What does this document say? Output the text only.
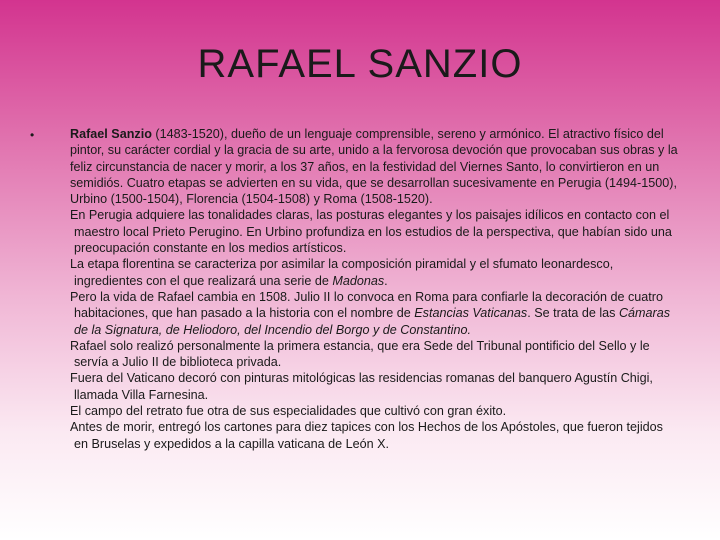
RAFAEL SANZIO
•	Rafael Sanzio (1483-1520), dueño de un lenguaje comprensible, sereno y armónico. El atractivo físico del pintor, su carácter cordial y la gracia de su arte, unido a la fervorosa devoción que provocaban sus obras y la feliz circunstancia de nacer y morir, a los 37 años, en la festividad del Viernes Santo, lo convirtieron en un semidiós. Cuatro etapas se advierten en su vida, que se desarrollan sucesivamente en Perugia (1494-1500), Urbino (1500-1504), Florencia (1504-1508) y Roma (1508-1520).
En Perugia adquiere las tonalidades claras, las posturas elegantes y los paisajes idílicos en contacto con el maestro local Prieto Perugino. En Urbino profundiza en los estudios de la perspectiva, que habían sido una preocupación constante en los medios artísticos.
La etapa florentina se caracteriza por asimilar la composición piramidal y el sfumato leonardesco, ingredientes con el que realizará una serie de Madonas.
Pero la vida de Rafael cambia en 1508. Julio II lo convoca en Roma para confiarle la decoración de cuatro habitaciones, que han pasado a la historia con el nombre de Estancias Vaticanas. Se trata de las Cámaras de la Signatura, de Heliodoro, del Incendio del Borgo y de Constantino.
Rafael solo realizó personalmente la primera estancia, que era Sede del Tribunal pontificio del Sello y le servía a Julio II de biblioteca privada.
Fuera del Vaticano decoró con pinturas mitológicas las residencias romanas del banquero Agustín Chigi, llamada Villa Farnesina.
El campo del retrato fue otra de sus especialidades que cultivó con gran éxito.
Antes de morir, entregó los cartones para diez tapices con los Hechos de los Apóstoles, que fueron tejidos en Bruselas y expedidos a la capilla vaticana de León X.
